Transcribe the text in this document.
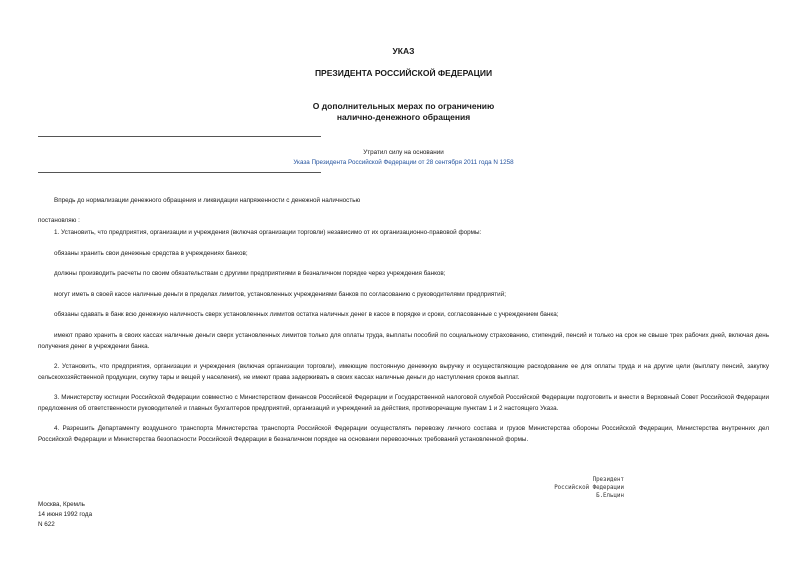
УКАЗ
ПРЕЗИДЕНТА РОССИЙСКОЙ ФЕДЕРАЦИИ
О дополнительных мерах по ограничению
налично-денежного обращения
Утратил силу на основании
Указа Президента Российской Федерации от 28 сентября 2011 года N 1258
Впредь до нормализации денежного обращения и ликвидации напряженности с денежной наличностью
постановляю :
1. Установить, что предприятия, организации и учреждения (включая организации торговли) независимо от их организационно-правовой формы:
обязаны хранить свои денежные средства в учреждениях банков;
должны производить расчеты по своим обязательствам с другими предприятиями в безналичном порядке через учреждения банков;
могут иметь в своей кассе наличные деньги в пределах лимитов, установленных учреждениями банков по согласованию с руководителями предприятий;
обязаны сдавать в банк всю денежную наличность сверх установленных лимитов остатка наличных денег в кассе в порядке и сроки, согласованные с учреждением банка;
имеют право хранить в своих кассах наличные деньги сверх установленных лимитов только для оплаты труда, выплаты пособий по социальному страхованию, стипендий, пенсий и только на срок не свыше трех рабочих дней, включая день получения денег в учреждении банка.
2. Установить, что предприятия, организации и учреждения (включая организации торговли), имеющие постоянную денежную выручку и осуществляющие расходование ее для оплаты труда и на другие цели (выплату пенсий, закупку сельскохозяйственной продукции, скупку тары и вещей у населения), не имеют права задерживать в своих кассах наличные деньги до наступления сроков выплат.
3. Министерству юстиции Российской Федерации совместно с Министерством финансов Российской Федерации и Государственной налоговой службой Российской Федерации подготовить и внести в Верховный Совет Российской Федерации предложения об ответственности руководителей и главных бухгалтеров предприятий, организаций и учреждений за действия, противоречащие пунктам 1 и 2 настоящего Указа.
4. Разрешить Департаменту воздушного транспорта Министерства транспорта Российской Федерации осуществлять перевозку личного состава и грузов Министерства обороны Российской Федерации, Министерства внутренних дел Российской Федерации и Министерства безопасности Российской Федерации в безналичном порядке на основании перевозочных требований установленной формы.
Президент
Российской Федерации
Б.Ельцин
Москва, Кремль
14 июня 1992 года
N 622
